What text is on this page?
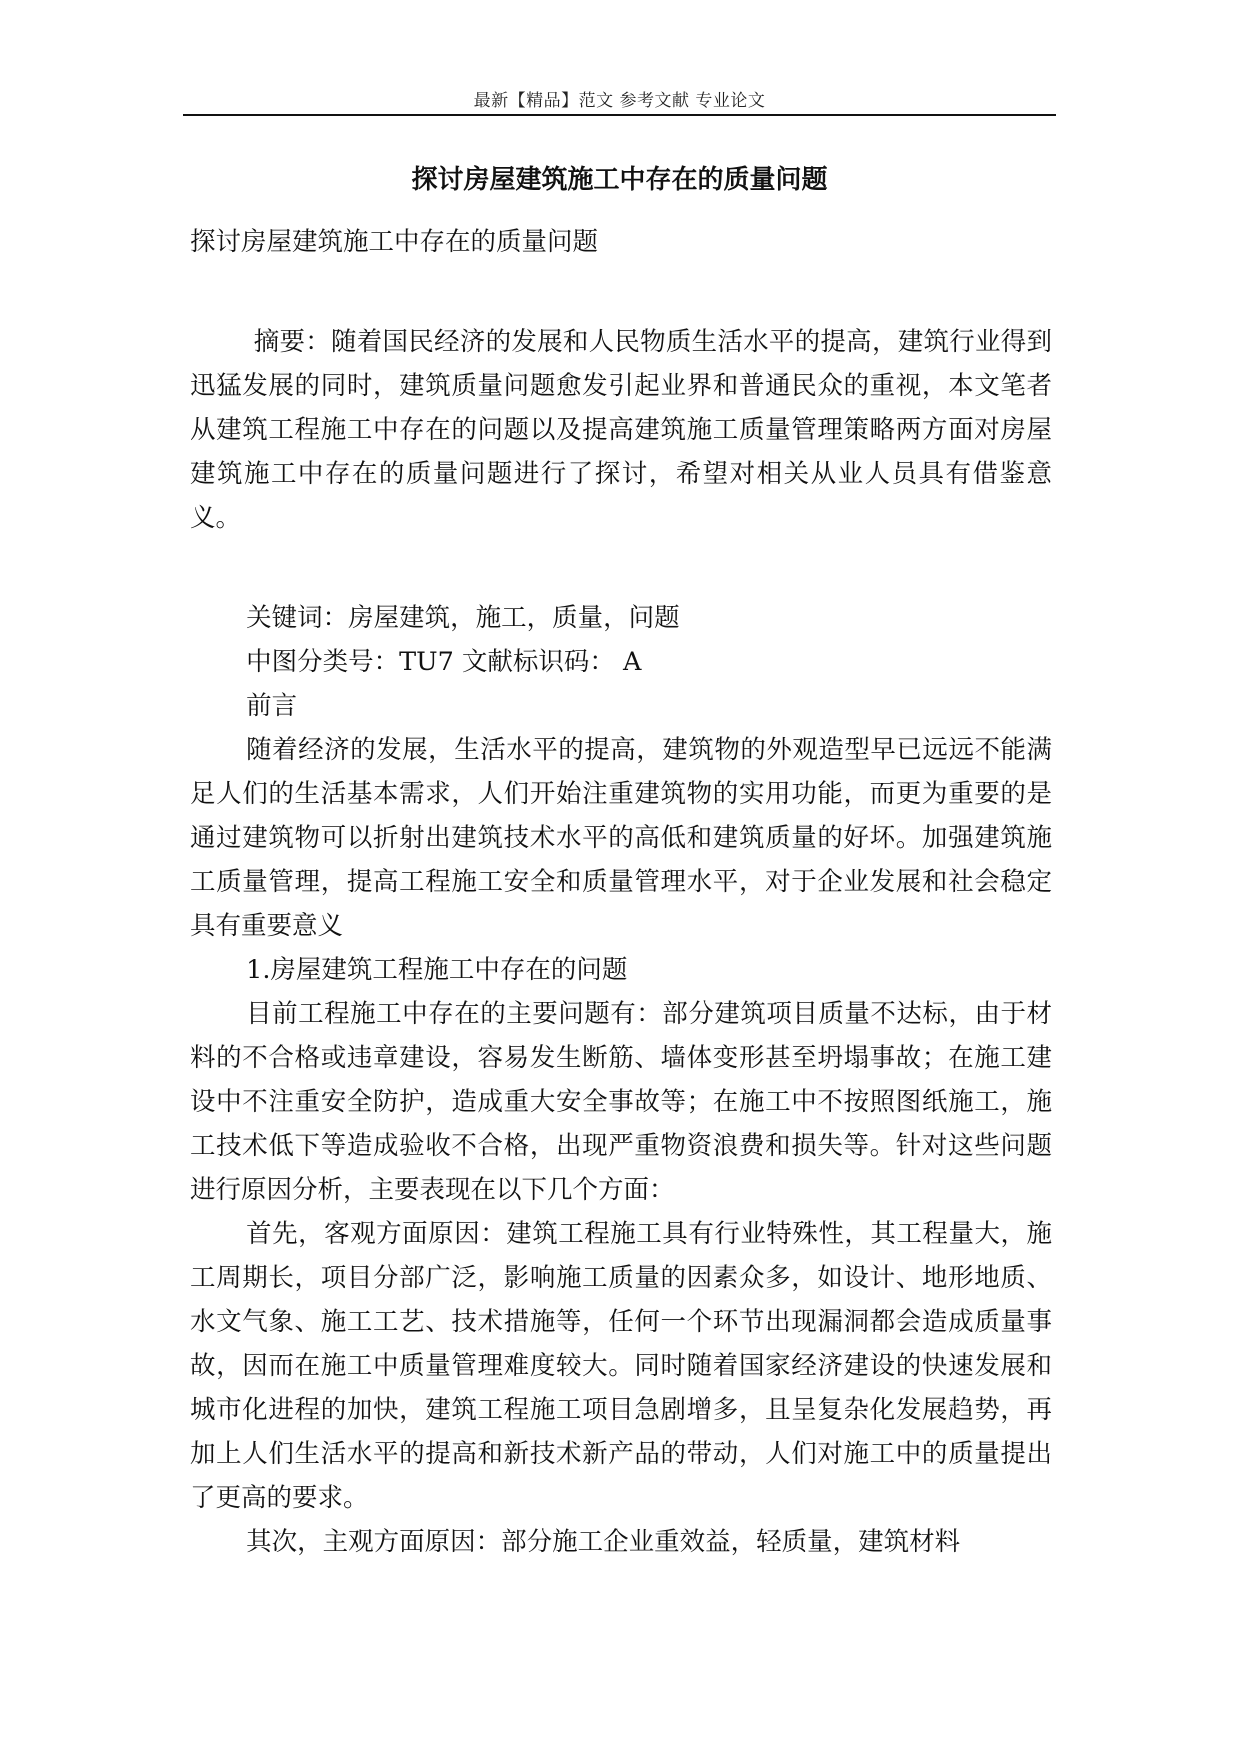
最新【精品】范文 参考文献 专业论文
探讨房屋建筑施工中存在的质量问题

探讨房屋建筑施工中存在的质量问题

摘要：随着国民经济的发展和人民物质生活水平的提高，建筑行业得到迅猛发展的同时，建筑质量问题愈发引起业界和普通民众的重视，本文笔者从建筑工程施工中存在的问题以及提高建筑施工质量管理策略两方面对房屋建筑施工中存在的质量问题进行了探讨，希望对相关从业人员具有借鉴意义。

关键词：房屋建筑，施工，质量，问题

中图分类号：TU7 文献标识码： A

前言

随着经济的发展，生活水平的提高，建筑物的外观造型早已远远不能满足人们的生活基本需求，人们开始注重建筑物的实用功能，而更为重要的是通过建筑物可以折射出建筑技术水平的高低和建筑质量的好坏。加强建筑施工质量管理，提高工程施工安全和质量管理水平，对于企业发展和社会稳定具有重要意义

1.房屋建筑工程施工中存在的问题

目前工程施工中存在的主要问题有：部分建筑项目质量不达标，由于材料的不合格或违章建设，容易发生断筋、墙体变形甚至坍塌事故；在施工建设中不注重安全防护，造成重大安全事故等；在施工中不按照图纸施工，施工技术低下等造成验收不合格，出现严重物资浪费和损失等。针对这些问题进行原因分析，主要表现在以下几个方面：

首先，客观方面原因：建筑工程施工具有行业特殊性，其工程量大，施工周期长，项目分部广泛，影响施工质量的因素众多，如设计、地形地质、水文气象、施工工艺、技术措施等，任何一个环节出现漏洞都会造成质量事故，因而在施工中质量管理难度较大。同时随着国家经济建设的快速发展和城市化进程的加快，建筑工程施工项目急剧增多，且呈复杂化发展趋势，再加上人们生活水平的提高和新技术新产品的带动，人们对施工中的质量提出了更高的要求。

其次，主观方面原因：部分施工企业重效益，轻质量，建筑材料
